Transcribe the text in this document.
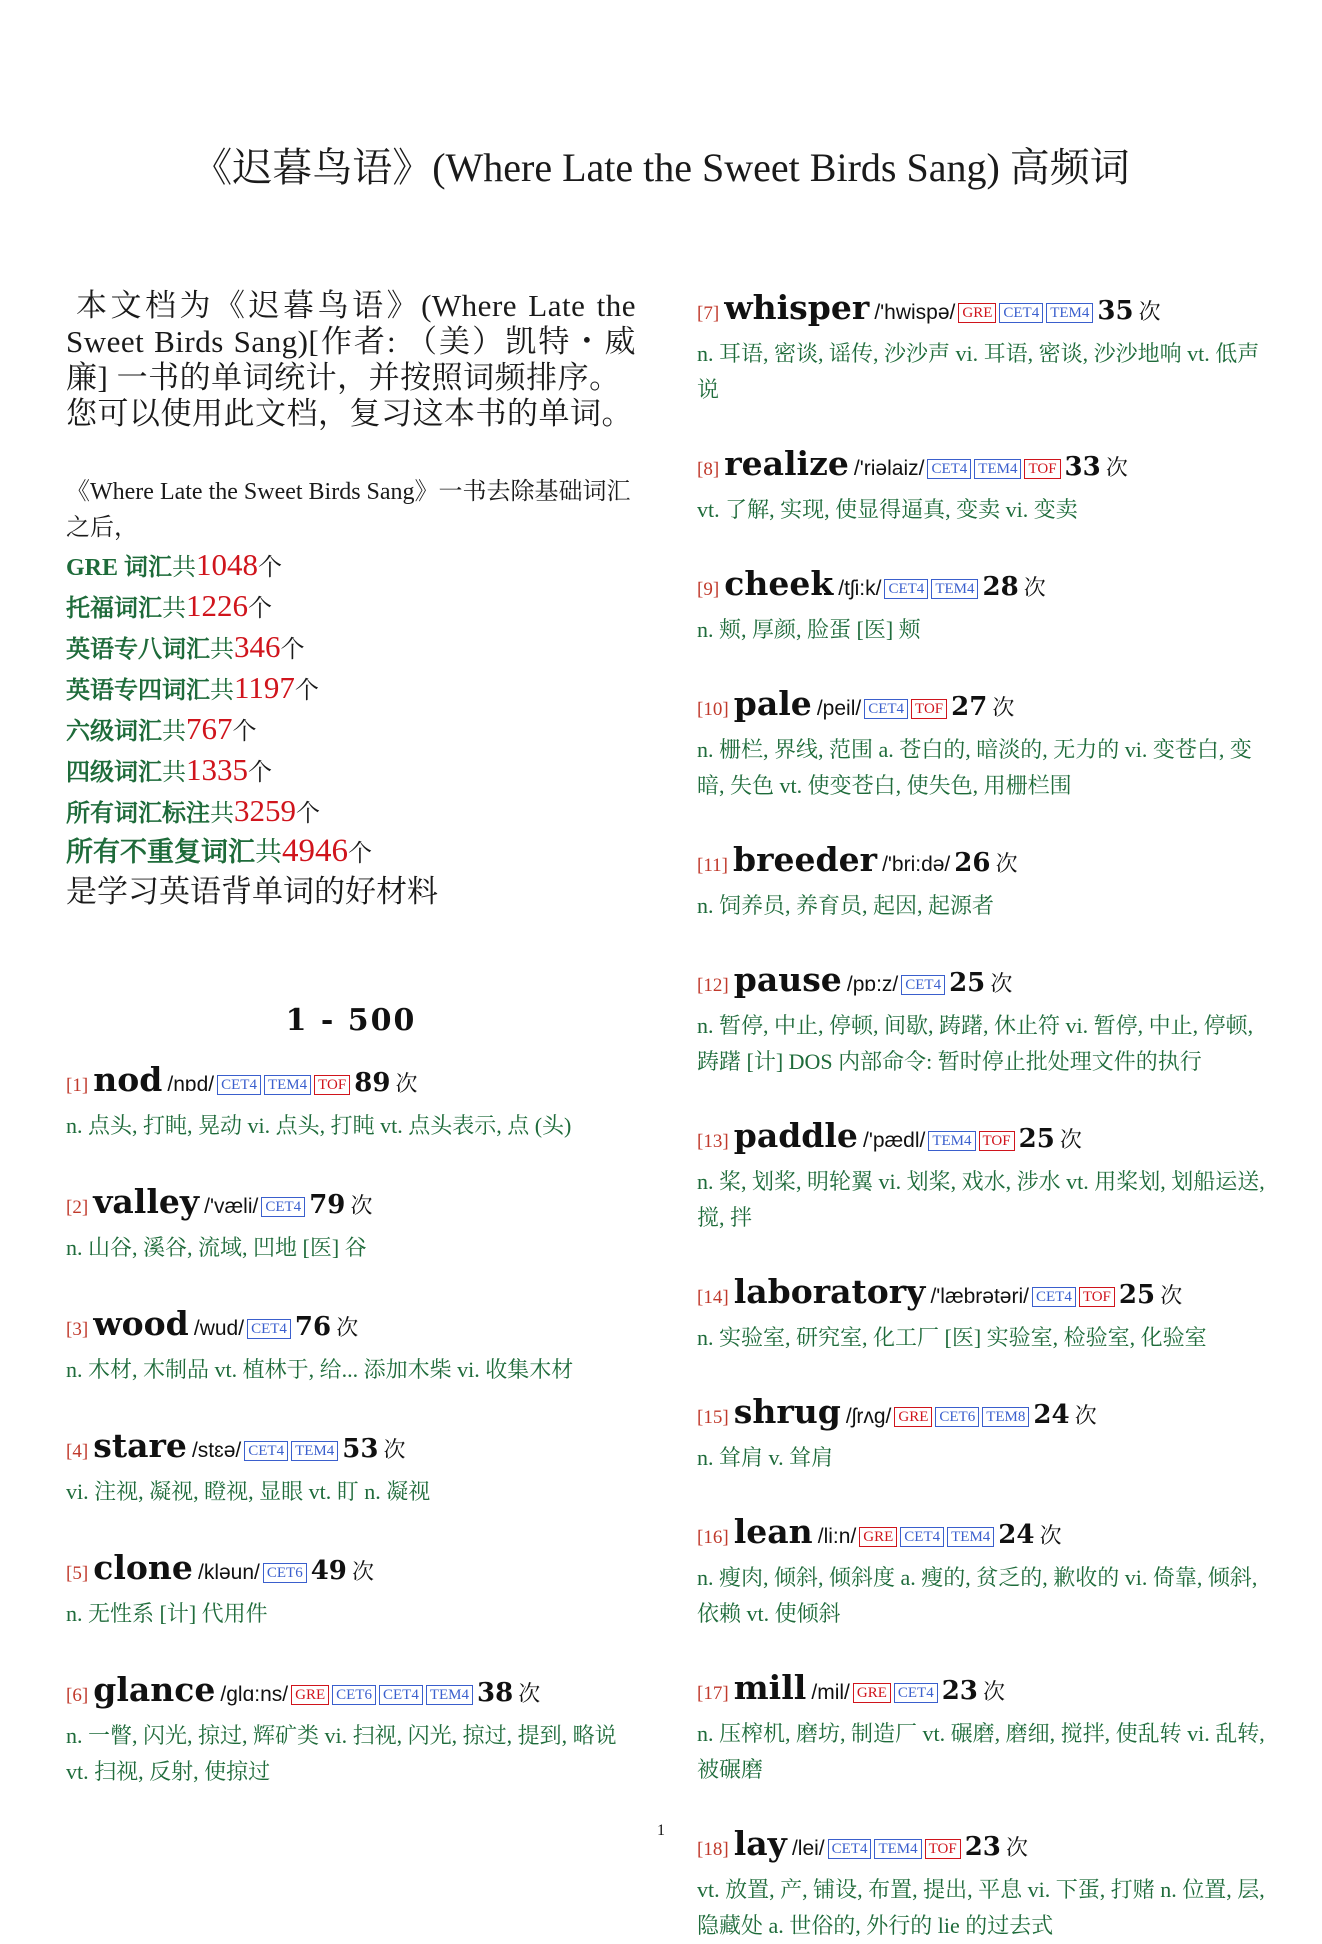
《迟暮鸟语》(Where Late the Sweet Birds Sang) 高频词
本文档为《迟暮鸟语》(Where Late the Sweet Birds Sang)[作者: （美）凯特・威廉] 一书的单词统计，并按照词频排序。
您可以使用此文档，复习这本书的单词。
《Where Late the Sweet Birds Sang》一书去除基础词汇之后，
GRE 词汇共1048个
托福词汇共1226个
英语专八词汇共346个
英语专四词汇共1197个
六级词汇共767个
四级词汇共1335个
所有词汇标注共3259个
所有不重复词汇共4946个
是学习英语背单词的好材料
1 - 500
[1] nod /nɒd/ CET4 TEM4 TOF 89 次
n. 点头, 打盹, 晃动 vi. 点头, 打盹 vt. 点头表示, 点 (头)
[2] valley /'væli/ CET4 79 次
n. 山谷, 溪谷, 流域, 凹地 [医] 谷
[3] wood /wud/ CET4 76 次
n. 木材, 木制品 vt. 植林于, 给... 添加木柴 vi. 收集木材
[4] stare /stɛə/ CET4 TEM4 53 次
vi. 注视, 凝视, 瞪视, 显眼 vt. 盯 n. 凝视
[5] clone /kləun/ CET6 49 次
n. 无性系 [计] 代用件
[6] glance /glɑ:ns/ GRE CET6 CET4 TEM4 38 次
n. 一瞥, 闪光, 掠过, 辉矿类 vi. 扫视, 闪光, 掠过, 提到, 略说 vt. 扫视, 反射, 使掠过
[7] whisper /'hwispə/ GRE CET4 TEM4 35 次
n. 耳语, 密谈, 谣传, 沙沙声 vi. 耳语, 密谈, 沙沙地响 vt. 低声说
[8] realize /'riəlaiz/ CET4 TEM4 TOF 33 次
vt. 了解, 实现, 使显得逼真, 变卖 vi. 变卖
[9] cheek /tʃi:k/ CET4 TEM4 28 次
n. 颊, 厚颜, 脸蛋 [医] 颊
[10] pale /peil/ CET4 TOF 27 次
n. 栅栏, 界线, 范围 a. 苍白的, 暗淡的, 无力的 vi. 变苍白, 变暗, 失色 vt. 使变苍白, 使失色, 用栅栏围
[11] breeder /'bri:də/ 26 次
n. 饲养员, 养育员, 起因, 起源者
[12] pause /pɒ:z/ CET4 25 次
n. 暂停, 中止, 停顿, 间歇, 踌躇, 休止符 vi. 暂停, 中止, 停顿, 踌躇 [计] DOS 内部命令: 暂时停止批处理文件的执行
[13] paddle /'pædl/ TEM4 TOF 25 次
n. 桨, 划桨, 明轮翼 vi. 划桨, 戏水, 涉水 vt. 用桨划, 划船运送, 搅, 拌
[14] laboratory /'læbrətəri/ CET4 TOF 25 次
n. 实验室, 研究室, 化工厂 [医] 实验室, 检验室, 化验室
[15] shrug /ʃrʌg/ GRE CET6 TEM8 24 次
n. 耸肩 v. 耸肩
[16] lean /li:n/ GRE CET4 TEM4 24 次
n. 瘦肉, 倾斜, 倾斜度 a. 瘦的, 贫乏的, 歉收的 vi. 倚靠, 倾斜, 依赖 vt. 使倾斜
[17] mill /mil/ GRE CET4 23 次
n. 压榨机, 磨坊, 制造厂 vt. 碾磨, 磨细, 搅拌, 使乱转 vi. 乱转, 被碾磨
[18] lay /lei/ CET4 TEM4 TOF 23 次
vt. 放置, 产, 铺设, 布置, 提出, 平息 vi. 下蛋, 打赌 n. 位置, 层, 隐藏处 a. 世俗的, 外行的 lie 的过去式
1
